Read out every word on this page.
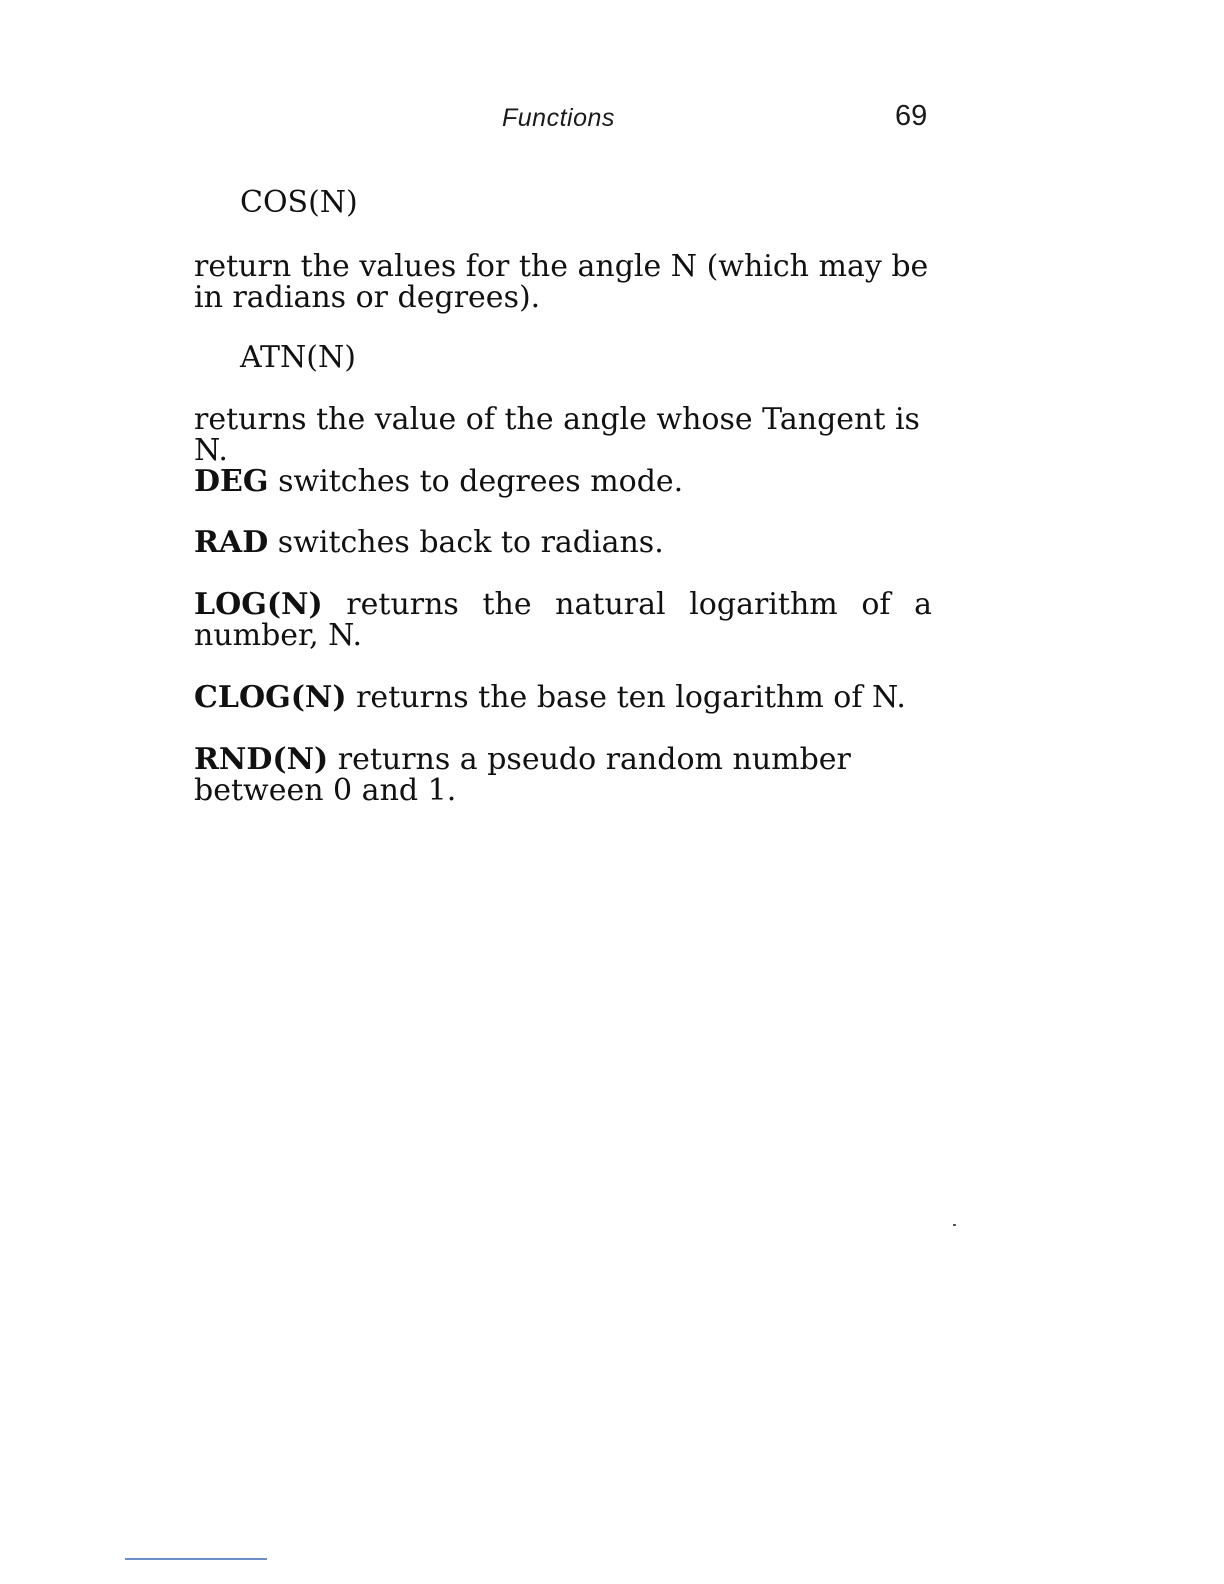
Functions	69
COS(N)

return the values for the angle N (which may be in radians or degrees).

ATN(N)

returns the value of the angle whose Tangent is N.

DEG switches to degrees mode.

RAD switches back to radians.

LOG(N) returns the natural logarithm of a number, N.

CLOG(N) returns the base ten logarithm of N.

RND(N) returns a pseudo random number between 0 and 1.
